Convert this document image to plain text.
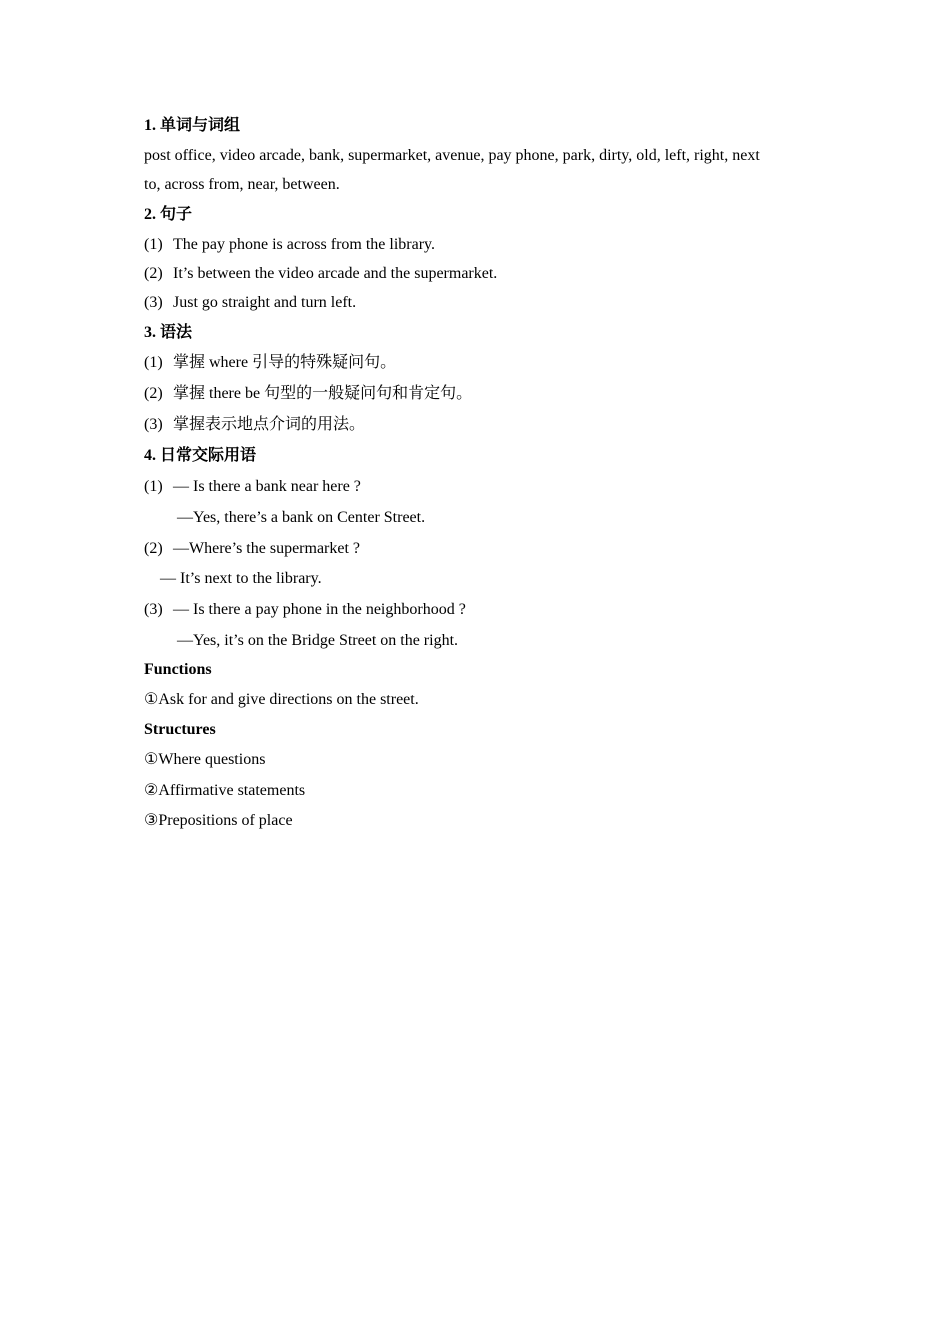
1. 单词与词组
post office, video arcade, bank, supermarket, avenue, pay phone, park, dirty, old, left, right, next
to, across from, near, between.
2. 句子
(1) The pay phone is across from the library.
(2) It’s between the video arcade and the supermarket.
(3) Just go straight and turn left.
3. 语法
(1) 掌握 where 引导的特殊疑问句。
(2) 掌握 there be 句型的一般疑问句和肯定句。
(3) 掌握表示地点介词的用法。
4. 日常交际用语
(1) — Is there a bank near here ?
—Yes, there’s a bank on Center Street.
(2) —Where’s the supermarket ?
— It’s next to the library.
(3) — Is there a pay phone in the neighborhood ?
—Yes, it’s on the Bridge Street on the right.
Functions
①Ask for and give directions on the street.
Structures
①Where questions
②Affirmative statements
③Prepositions of place
